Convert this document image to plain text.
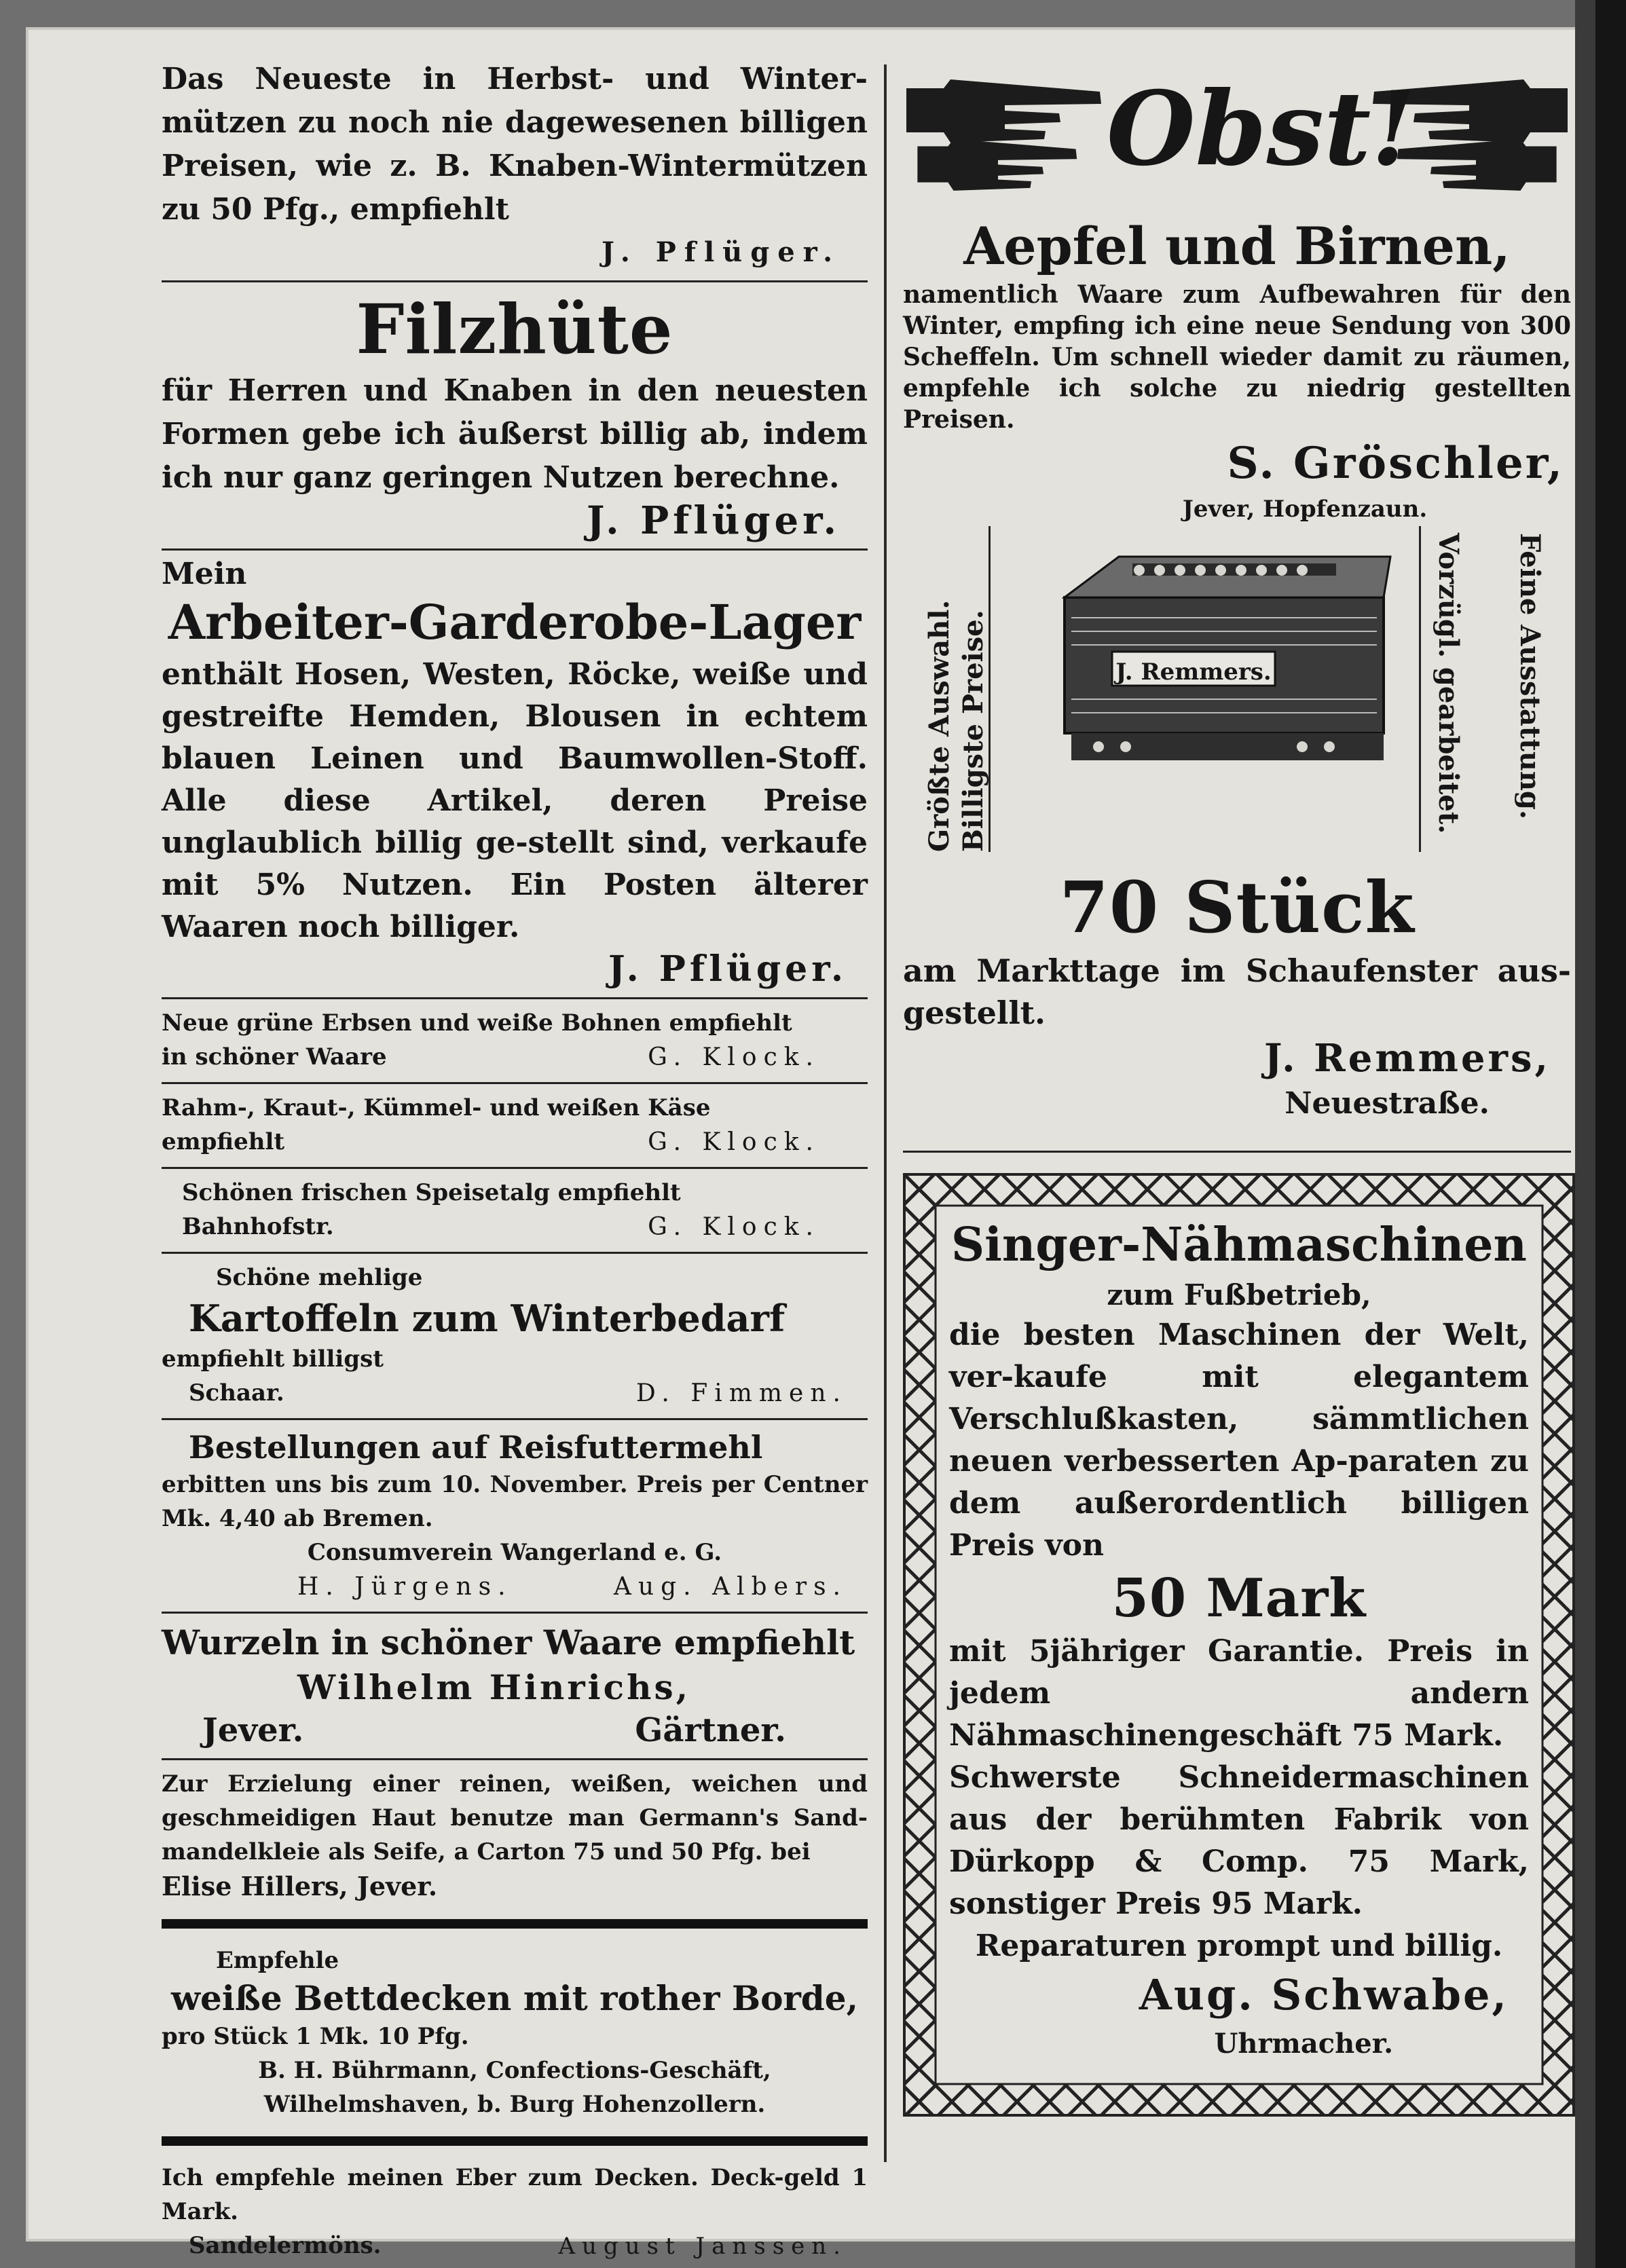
Das Neueste in Herbst- und Winter-mützen zu noch nie dagewesenen billigen Preisen, wie z. B. Knaben-Wintermützen zu 50 Pfg., empfiehlt
J. Pflüger.
Filzhüte
für Herren und Knaben in den neuesten Formen gebe ich äußerst billig ab, indem ich nur ganz geringen Nutzen berechne.
J. Pflüger.
Mein
Arbeiter-Garderobe-Lager
enthält Hosen, Westen, Röcke, weiße und gestreifte Hemden, Blousen in echtem blauen Leinen und Baumwollen-Stoff. Alle diese Artikel, deren Preise unglaublich billig ge-stellt sind, verkaufe mit 5% Nutzen. Ein Posten älterer Waaren noch billiger.
J. Pflüger.
Neue grüne Erbsen und weiße Bohnen empfiehlt
in schöner Waare	G. Klock.
Rahm-, Kraut-, Kümmel- und weißen Käse
empfiehlt	G. Klock.
Schönen frischen Speisetalg empfiehlt
Bahnhofstr.	G. Klock.
Schöne mehlige
Kartoffeln zum Winterbedarf
empfiehlt billigst
Schaar.	D. Fimmen.
Bestellungen auf Reisfuttermehl
erbitten uns bis zum 10. November. Preis per Centner Mk. 4,40 ab Bremen.
Consumverein Wangerland e. G.
H. Jürgens.	Aug. Albers.
Wurzeln in schöner Waare empfiehlt
Wilhelm Hinrichs,
Jever.	Gärtner.
Zur Erzielung einer reinen, weißen, weichen und geschmeidigen Haut benutze man Germann's Sand-mandelkleie als Seife, a Carton 75 und 50 Pfg. bei
Elise Hillers, Jever.
Empfehle
weiße Bettdecken mit rother Borde,
pro Stück 1 Mk. 10 Pfg.
B. H. Bührmann, Confections-Geschäft,
Wilhelmshaven, b. Burg Hohenzollern.
Ich empfehle meinen Eber zum Decken. Deck-geld 1 Mark.
Sandelermöns.	August Janssen.
Obst!
Aepfel und Birnen,
namentlich Waare zum Aufbewahren für den Winter, empfing ich eine neue Sendung von 300 Scheffeln. Um schnell wieder damit zu räumen, empfehle ich solche zu niedrig gestellten Preisen.
S. Gröschler,
Jever, Hopfenzaun.
Größte Auswahl. Billigste Preise.	Vorzügl. gearbeitet. Feine Ausstattung.
J. Remmers.
70 Stück
am Markttage im Schaufenster aus-gestellt.
J. Remmers,
Neuestraße.
Singer-Nähmaschinen
zum Fußbetrieb,
die besten Maschinen der Welt, ver-kaufe mit elegantem Verschlußkasten, sämmtlichen neuen verbesserten Ap-paraten zu dem außerordentlich billigen Preis von
50 Mark
mit 5jähriger Garantie. Preis in jedem andern Nähmaschinengeschäft 75 Mark.
Schwerste Schneidermaschinen aus der berühmten Fabrik von Dürkopp & Comp. 75 Mark, sonstiger Preis 95 Mark.
Reparaturen prompt und billig.
Aug. Schwabe,
Uhrmacher.
